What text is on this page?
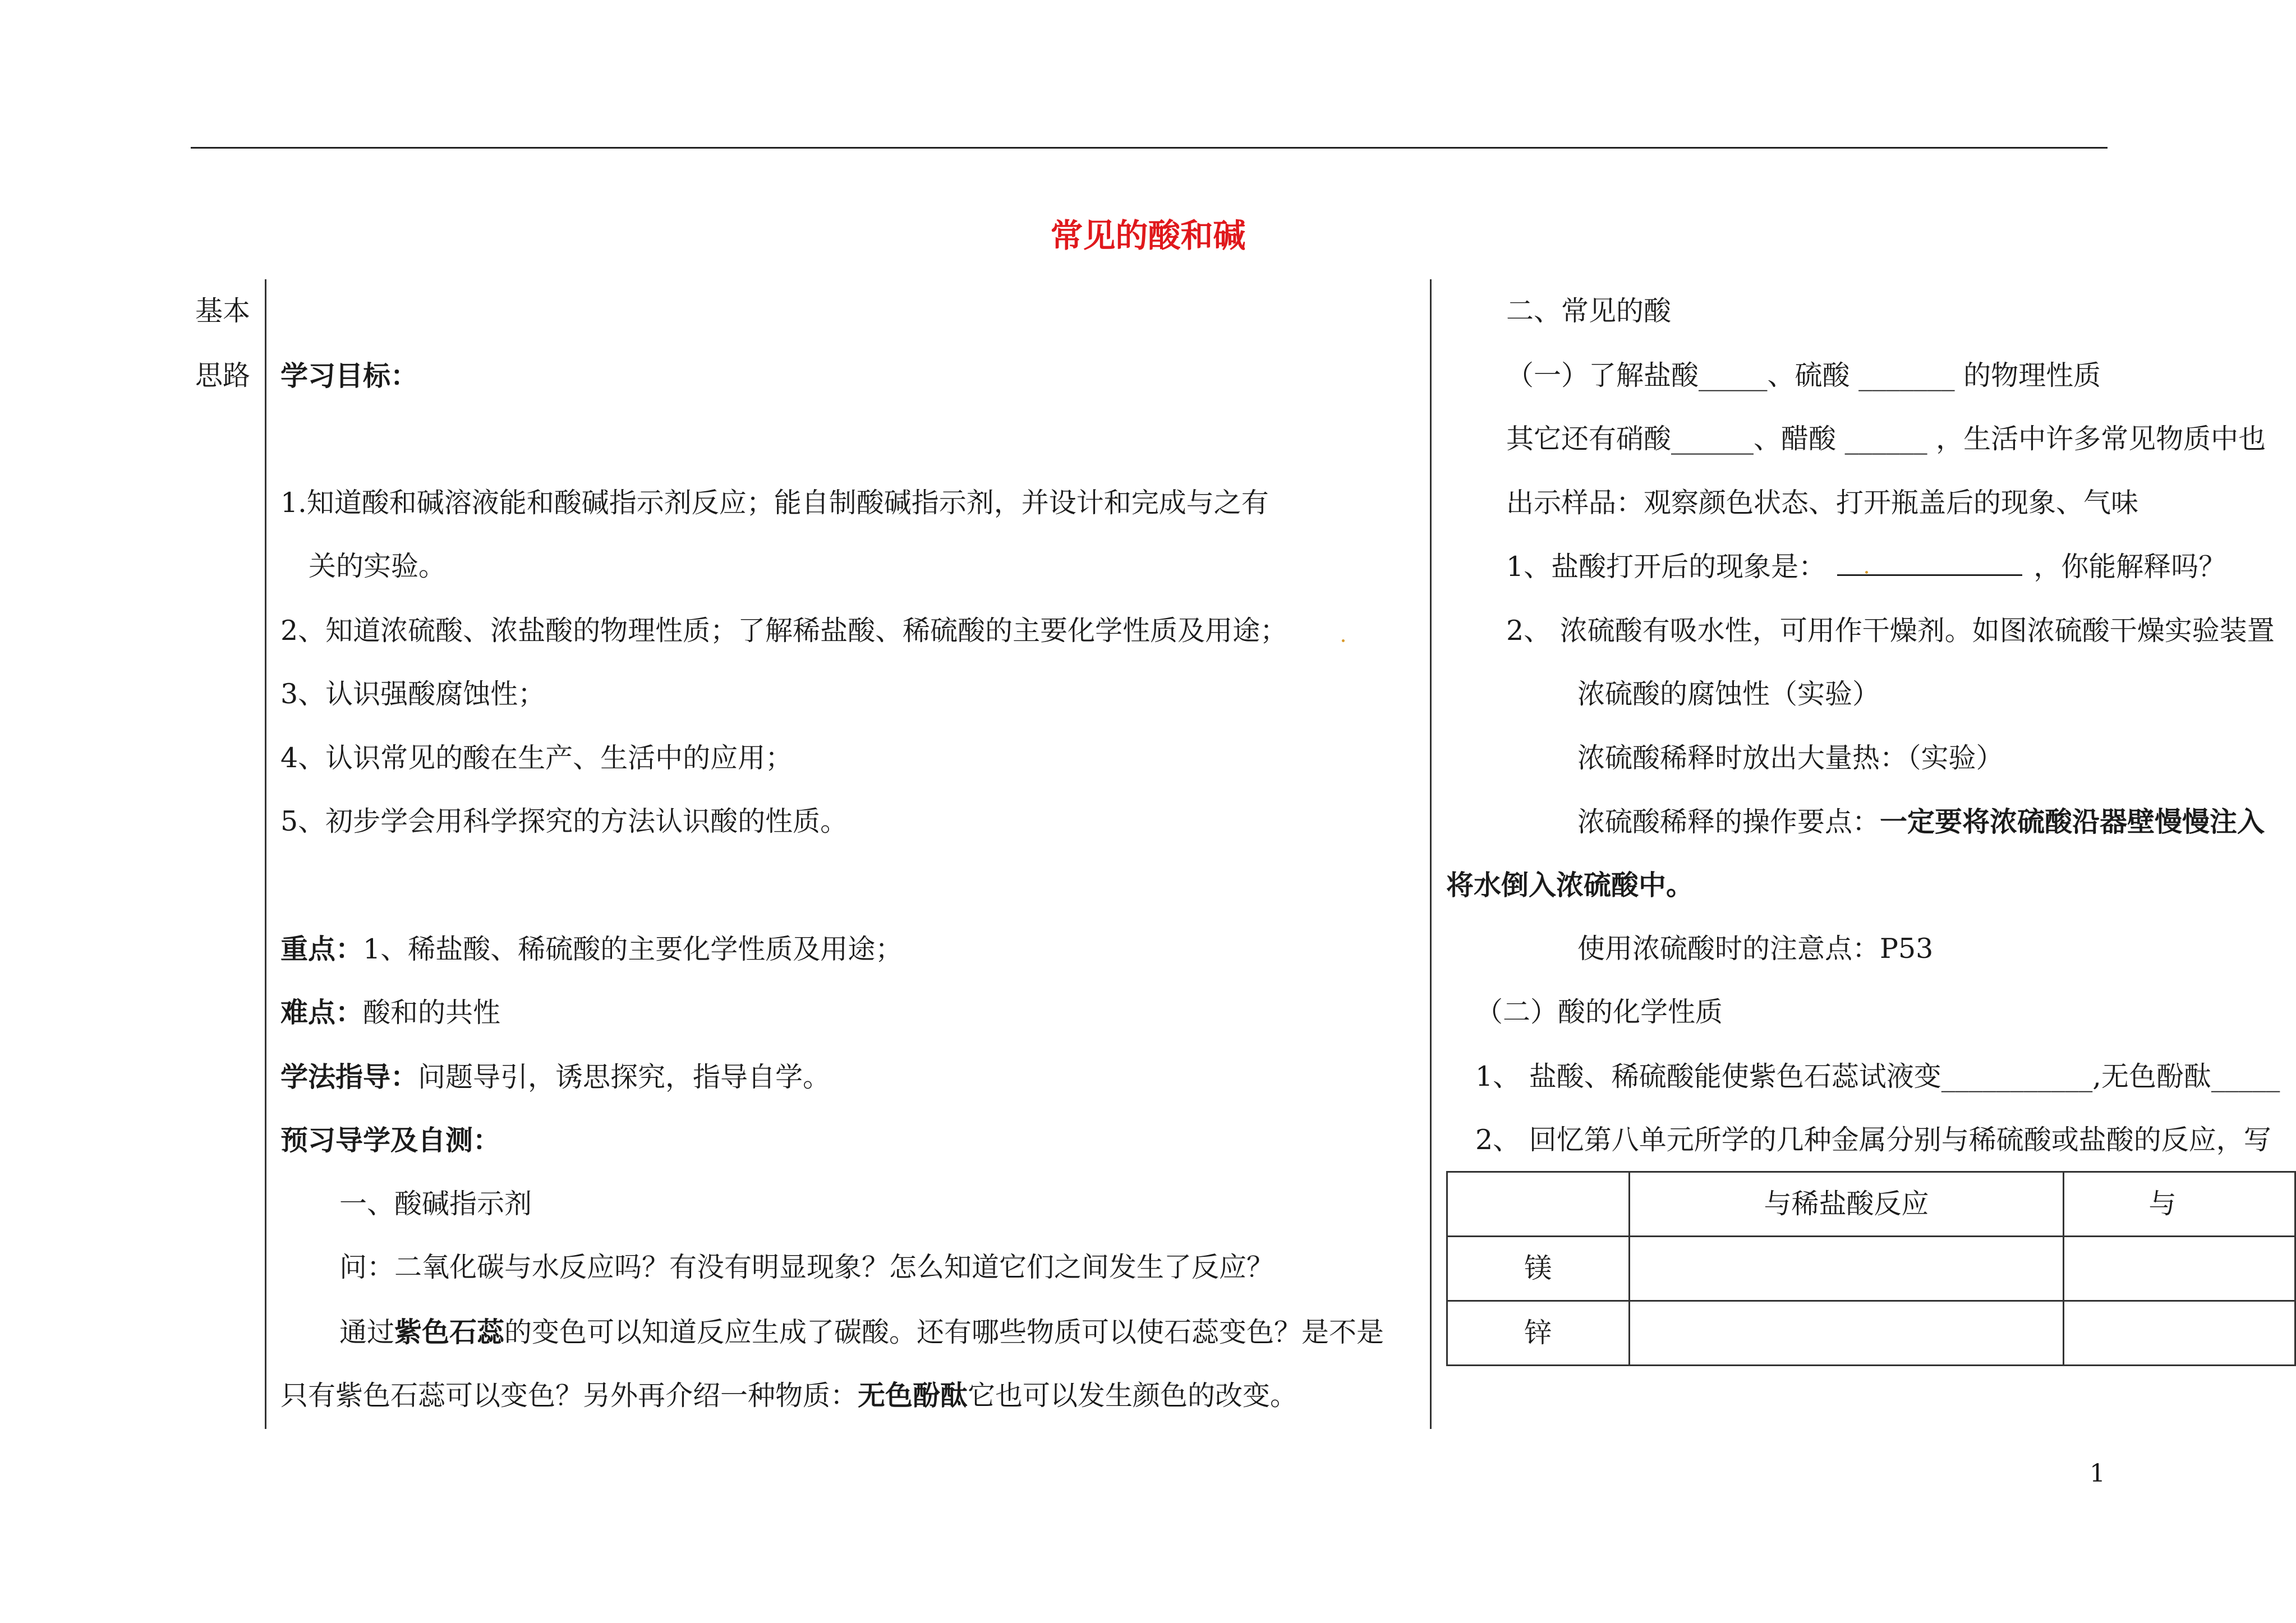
常见的酸和碱
基本
思路 学习目标：
1.知道酸和碱溶液能和酸碱指示剂反应；能自制酸碱指示剂，并设计和完成与之有
关的实验。
2、知道浓硫酸、浓盐酸的物理性质；了解稀盐酸、稀硫酸的主要化学性质及用途；
3、认识强酸腐蚀性；
4、认识常见的酸在生产、生活中的应用；
5、初步学会用科学探究的方法认识酸的性质。
重点：1、稀盐酸、稀硫酸的主要化学性质及用途；
难点：酸和的共性
学法指导：问题导引，诱思探究，指导自学。
预习导学及自测：
一、酸碱指示剂
问：二氧化碳与水反应吗？有没有明显现象？怎么知道它们之间发生了反应？
通过紫色石蕊的变色可以知道反应生成了碳酸。还有哪些物质可以使石蕊变色？是不是
只有紫色石蕊可以变色？另外再介绍一种物质：无色酚酞它也可以发生颜色的改变。
二、常见的酸
（一）了解盐酸_____、硫酸 _______ 的物理性质
其它还有硝酸______、醋酸 ______ ，生活中许多常见物质中也
出示样品：观察颜色状态、打开瓶盖后的现象、气味
1、盐酸打开后的现象是：	，你能解释吗？
2、 浓硫酸有吸水性，可用作干燥剂。如图浓硫酸干燥实验装置
浓硫酸的腐蚀性（实验）
浓硫酸稀释时放出大量热：（实验）
浓硫酸稀释的操作要点：一定要将浓硫酸沿器壁慢慢注入
将水倒入浓硫酸中。
使用浓硫酸时的注意点：P53
（二）酸的化学性质
1、 盐酸、稀硫酸能使紫色石蕊试液变___________,无色酚酞_____
2、 回忆第八单元所学的几种金属分别与稀硫酸或盐酸的反应，写
	与稀盐酸反应	与
镁		
锌		
1
